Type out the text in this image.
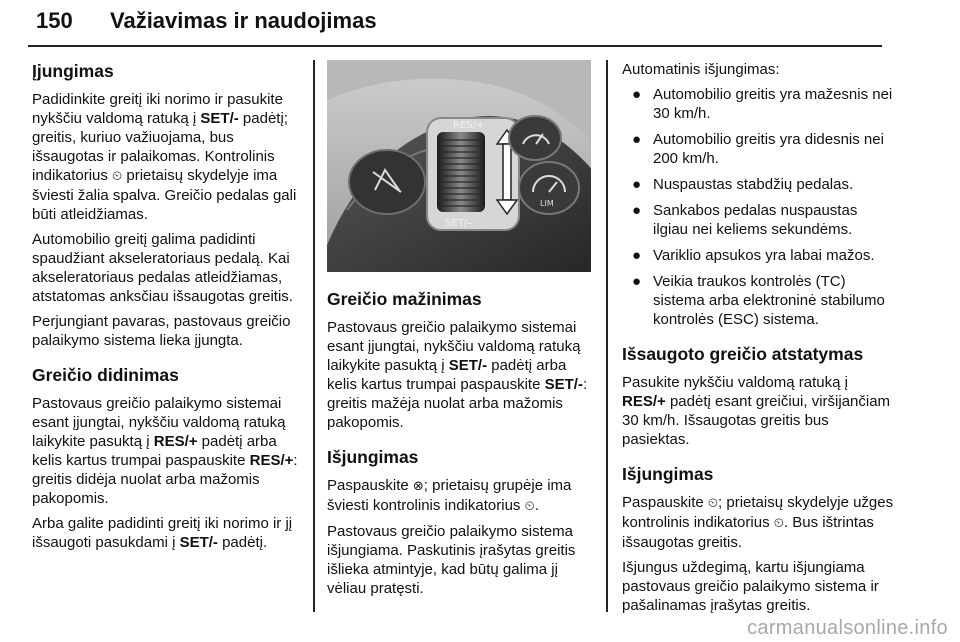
150 Važiavimas ir naudojimas
Įjungimas

Padidinkite greitį iki norimo ir pasukite nykščiu valdomą ratuką į SET/- padėtį; greitis, kuriuo važiuojama, bus išsaugotas ir palaikomas. Kontrolinis indikatorius ⏲ prietaisų skydelyje ima šviesti žalia spalva. Greičio pedalas gali būti atleidžiamas.

Automobilio greitį galima padidinti spaudžiant akseleratoriaus pedalą. Kai akseleratoriaus pedalas atleidžiamas, atstatomas anksčiau išsaugotas greitis.

Perjungiant pavaras, pastovaus greičio palaikymo sistema lieka įjungta.

Greičio didinimas

Pastovaus greičio palaikymo sistemai esant įjungtai, nykščiu valdomą ratuką laikykite pasuktą į RES/+ padėtį arba kelis kartus trumpai paspauskite RES/+: greitis didėja nuolat arba mažomis pakopomis.

Arba galite padidinti greitį iki norimo ir jį išsaugoti pasukdami į SET/- padėtį.

RES/+
SET/–
LIM
Greičio mažinimas

Pastovaus greičio palaikymo sistemai esant įjungtai, nykščiu valdomą ratuką laikykite pasuktą į SET/- padėtį arba kelis kartus trumpai paspauskite SET/-: greitis mažėja nuolat arba mažomis pakopomis.

Išjungimas

Paspauskite ⊗; prietaisų grupėje ima šviesti kontrolinis indikatorius ⏲.

Pastovaus greičio palaikymo sistema išjungiama. Paskutinis įrašytas greitis išlieka atmintyje, kad būtų galima jį vėliau pratęsti.

Automatinis išjungimas:

● Automobilio greitis yra mažesnis nei 30 km/h.
● Automobilio greitis yra didesnis nei 200 km/h.
● Nuspaustas stabdžių pedalas.
● Sankabos pedalas nuspaustas ilgiau nei keliems sekundėms.
● Variklio apsukos yra labai mažos.
● Veikia traukos kontrolės (TC) sistema arba elektroninė stabilumo kontrolės (ESC) sistema.
Išsaugoto greičio atstatymas

Pasukite nykščiu valdomą ratuką į RES/+ padėtį esant greičiui, viršijančiam 30 km/h. Išsaugotas greitis bus pasiektas.

Išjungimas

Paspauskite ⏲; prietaisų skydelyje užges kontrolinis indikatorius ⏲. Bus ištrintas išsaugotas greitis.

Išjungus uždegimą, kartu išjungiama pastovaus greičio palaikymo sistema ir pašalinamas įrašytas greitis.

carmanualsonline.info
